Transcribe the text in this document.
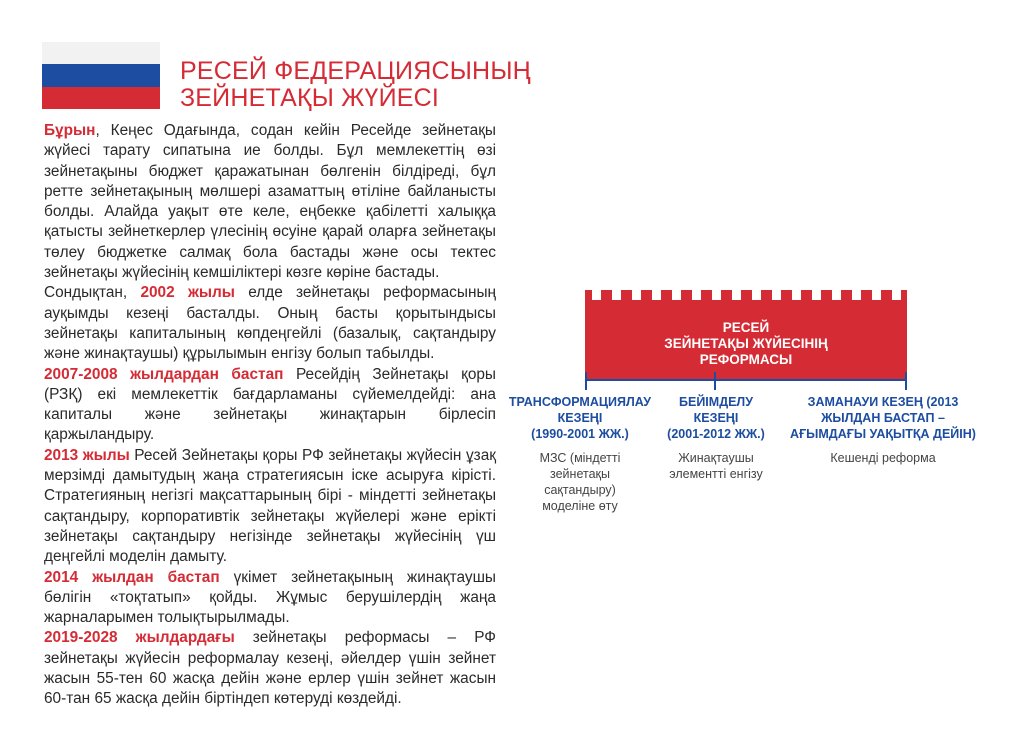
РЕСЕЙ ФЕДЕРАЦИЯСЫНЫҢ
ЗЕЙНЕТАҚЫ ЖҮЙЕСІ

Бұрын, Кеңес Одағында, содан кейін Ресейде зейнетақы жүйесі тарату сипатына ие болды. Бұл мемлекеттің өзі зейнетақыны бюджет қаражатынан бөлгенін білдіреді, бұл ретте зейнетақының мөлшері азаматтың өтіліне байланысты болды. Алайда уақыт өте келе, еңбекке қабілетті халыққа қатысты зейнеткерлер үлесінің өсуіне қарай оларға зейнетақы төлеу бюджетке салмақ бола бастады және осы тектес зейнетақы жүйесінің кемшіліктері көзге көріне бастады.

Сондықтан, 2002 жылы елде зейнетақы реформасының ауқымды кезеңі басталды. Оның басты қорытындысы зейнетақы капиталының көпдеңгейлі (базалық, сақтандыру және жинақтаушы) құрылымын енгізу болып табылды.

2007-2008 жылдардан бастап Ресейдің Зейнетақы қоры (РЗҚ) екі мемлекеттік бағдарламаны сүйемелдейді: ана капиталы және зейнетақы жинақтарын бірлесіп қаржыландыру.

2013 жылы Ресей Зейнетақы қоры РФ зейнетақы жүйесін ұзақ мерзімді дамытудың жаңа стратегиясын іске асыруға кірісті. Стратегияның негізгі мақсаттарының бірі - міндетті зейнетақы сақтандыру, корпоративтік зейнетақы жүйелері және ерікті зейнетақы сақтандыру негізінде зейнетақы жүйесінің үш деңгейлі моделін дамыту.

2014 жылдан бастап үкімет зейнетақының жинақтаушы бөлігін «тоқтатып» қойды. Жұмыс берушілердің жаңа жарналарымен толықтырылмады.

2019-2028 жылдардағы зейнетақы реформасы – РФ зейнетақы жүйесін реформалау кезеңі, әйелдер үшін зейнет жасын 55-тен 60 жасқа дейін және ерлер үшін зейнет жасын 60-тан 65 жасқа дейін біртіндеп көтеруді көздейді.

РЕСЕЙ
ЗЕЙНЕТАҚЫ ЖҮЙЕСІНІҢ
РЕФОРМАСЫ
ТРАНСФОРМАЦИЯЛАУ
КЕЗЕҢІ
(1990-2001 ЖЖ.)
МЗС (міндетті
зейнетақы
сақтандыру)
моделіне өту
БЕЙІМДЕЛУ
КЕЗЕҢІ
(2001-2012 ЖЖ.)
Жинақтаушы
элементті енгізу
ЗАМАНАУИ КЕЗЕҢ (2013
ЖЫЛДАН БАСТАП –
АҒЫМДАҒЫ УАҚЫТҚА ДЕЙІН)
Кешенді реформа
